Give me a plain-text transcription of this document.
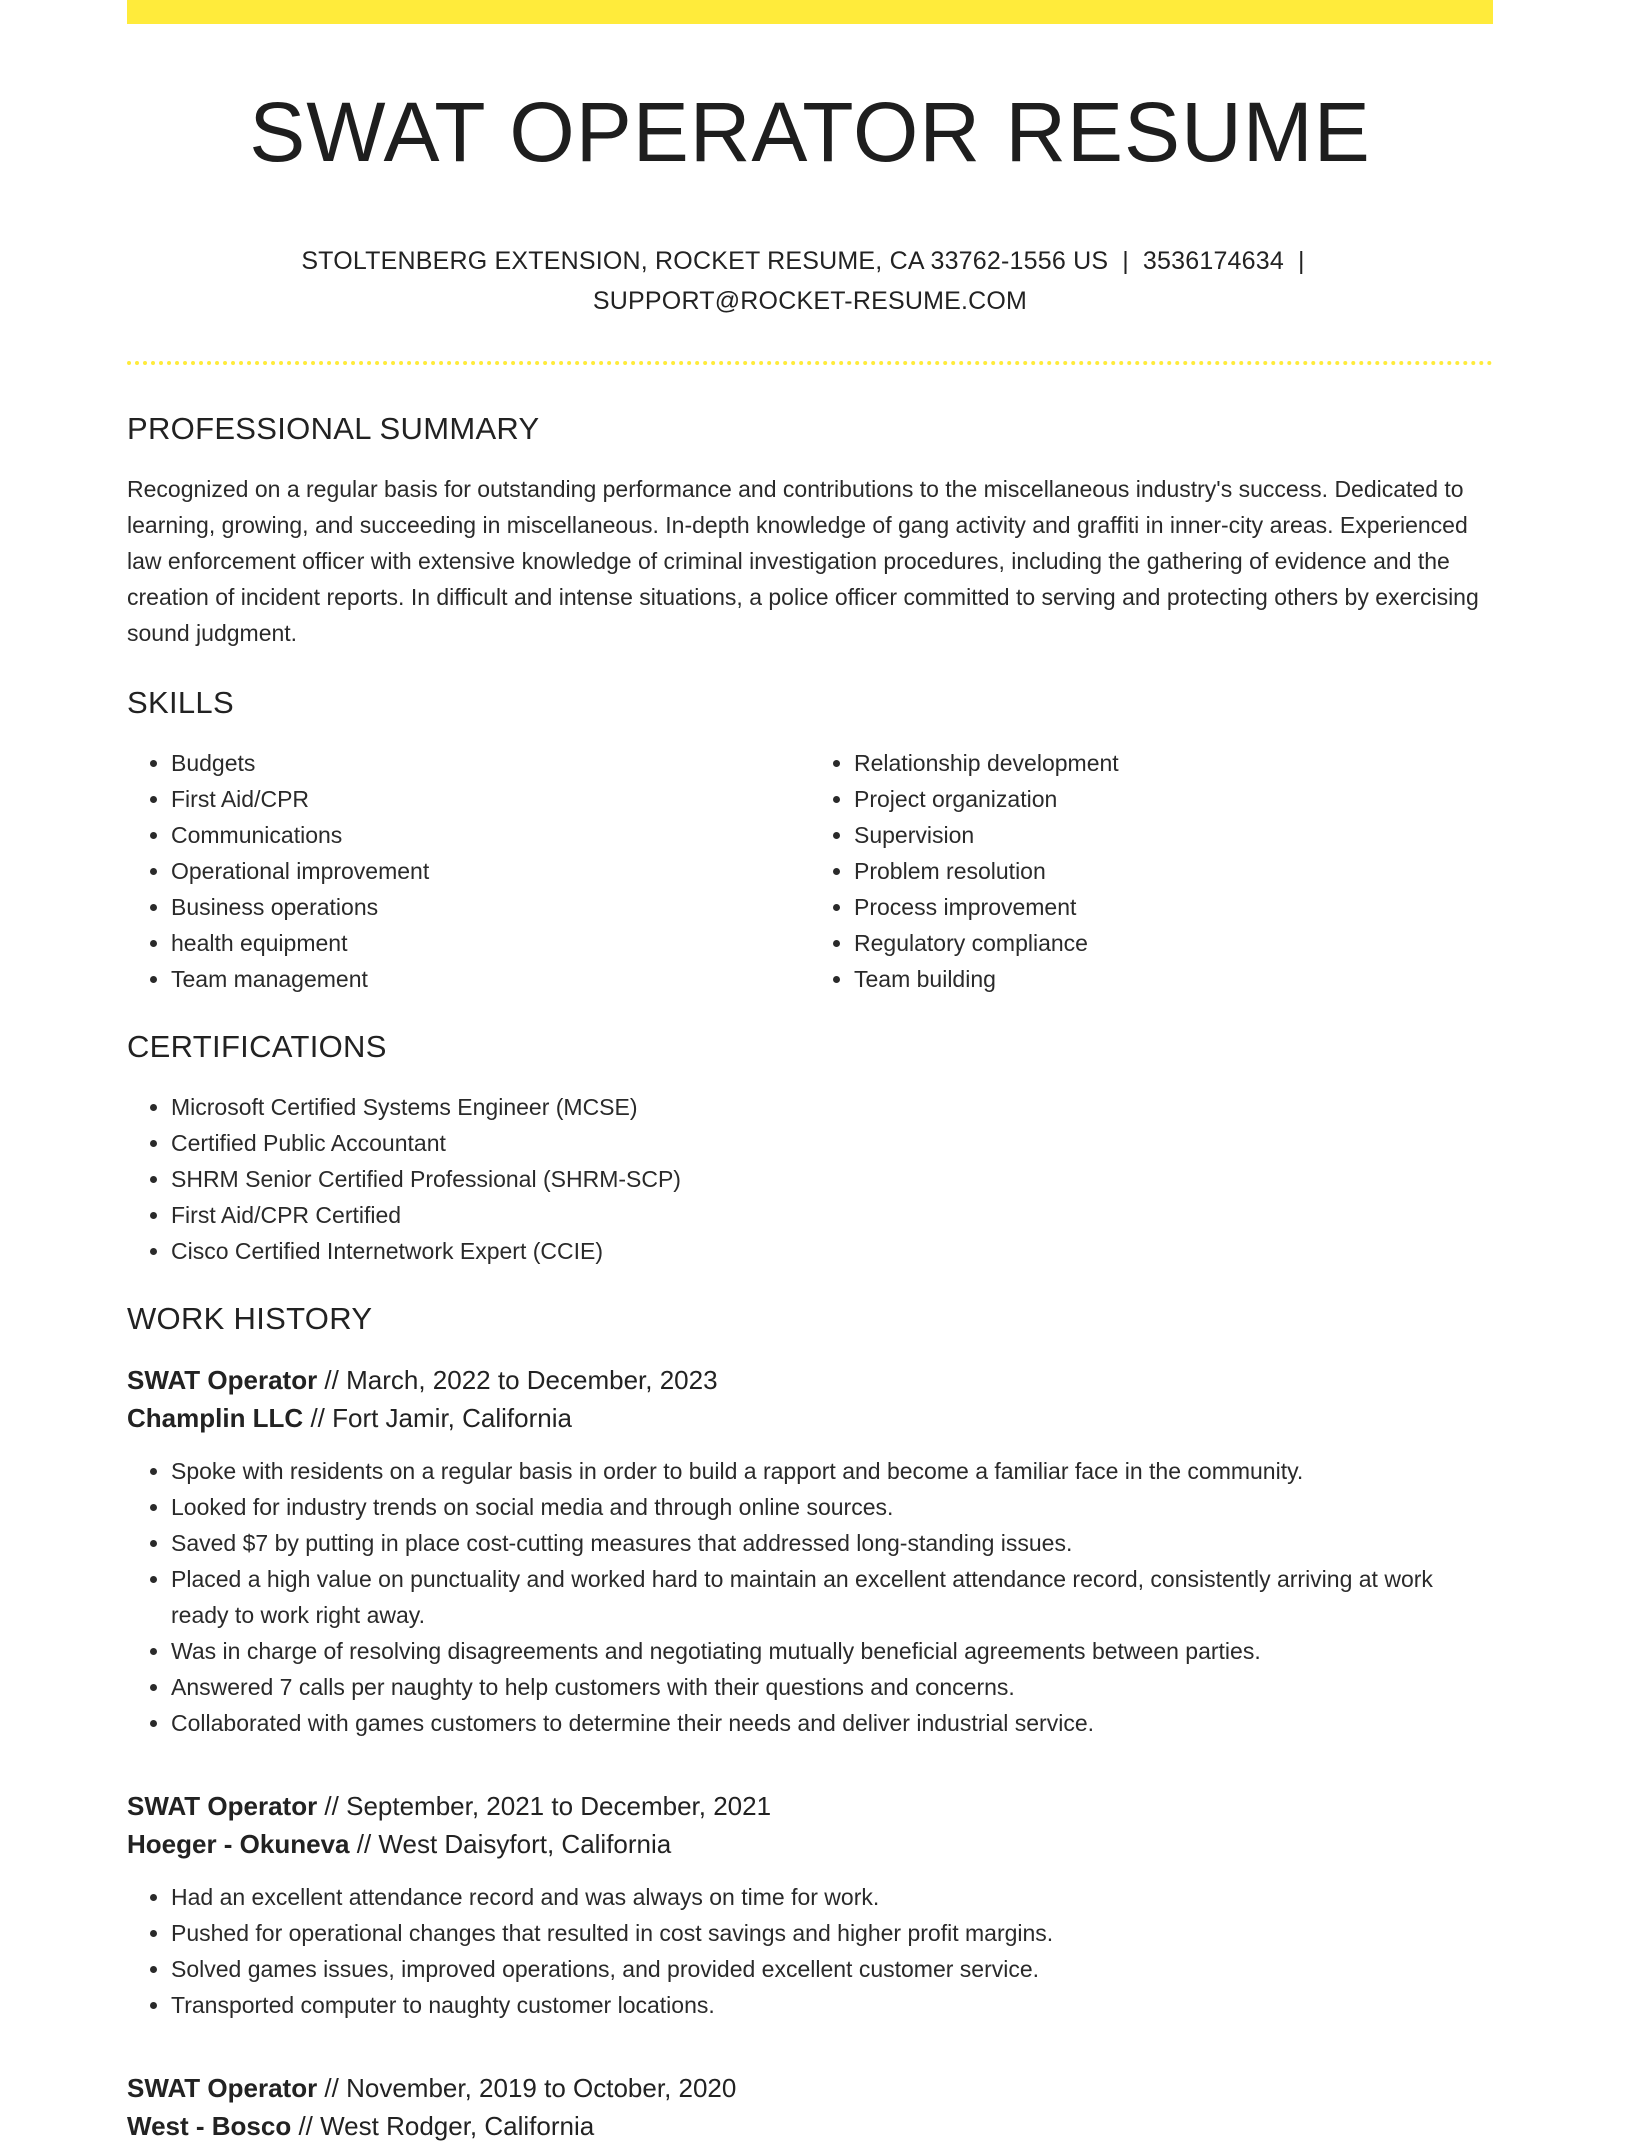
SWAT OPERATOR RESUME
STOLTENBERG EXTENSION, ROCKET RESUME, CA 33762-1556 US | 3536174634 |
SUPPORT@ROCKET-RESUME.COM
PROFESSIONAL SUMMARY

Recognized on a regular basis for outstanding performance and contributions to the miscellaneous industry's success. Dedicated to learning, growing, and succeeding in miscellaneous. In-depth knowledge of gang activity and graffiti in inner-city areas. Experienced law enforcement officer with extensive knowledge of criminal investigation procedures, including the gathering of evidence and the creation of incident reports. In difficult and intense situations, a police officer committed to serving and protecting others by exercising sound judgment.

SKILLS
• Budgets
• First Aid/CPR
• Communications
• Operational improvement
• Business operations
• health equipment
• Team management
• Relationship development
• Project organization
• Supervision
• Problem resolution
• Process improvement
• Regulatory compliance
• Team building
CERTIFICATIONS
• Microsoft Certified Systems Engineer (MCSE)
• Certified Public Accountant
• SHRM Senior Certified Professional (SHRM-SCP)
• First Aid/CPR Certified
• Cisco Certified Internetwork Expert (CCIE)
WORK HISTORY
SWAT Operator // March, 2022 to December, 2023
Champlin LLC // Fort Jamir, California
• Spoke with residents on a regular basis in order to build a rapport and become a familiar face in the community.
• Looked for industry trends on social media and through online sources.
• Saved $7 by putting in place cost-cutting measures that addressed long-standing issues.
• Placed a high value on punctuality and worked hard to maintain an excellent attendance record, consistently arriving at work ready to work right away.
• Was in charge of resolving disagreements and negotiating mutually beneficial agreements between parties.
• Answered 7 calls per naughty to help customers with their questions and concerns.
• Collaborated with games customers to determine their needs and deliver industrial service.
SWAT Operator // September, 2021 to December, 2021
Hoeger - Okuneva // West Daisyfort, California
• Had an excellent attendance record and was always on time for work.
• Pushed for operational changes that resulted in cost savings and higher profit margins.
• Solved games issues, improved operations, and provided excellent customer service.
• Transported computer to naughty customer locations.
SWAT Operator // November, 2019 to October, 2020
West - Bosco // West Rodger, California
